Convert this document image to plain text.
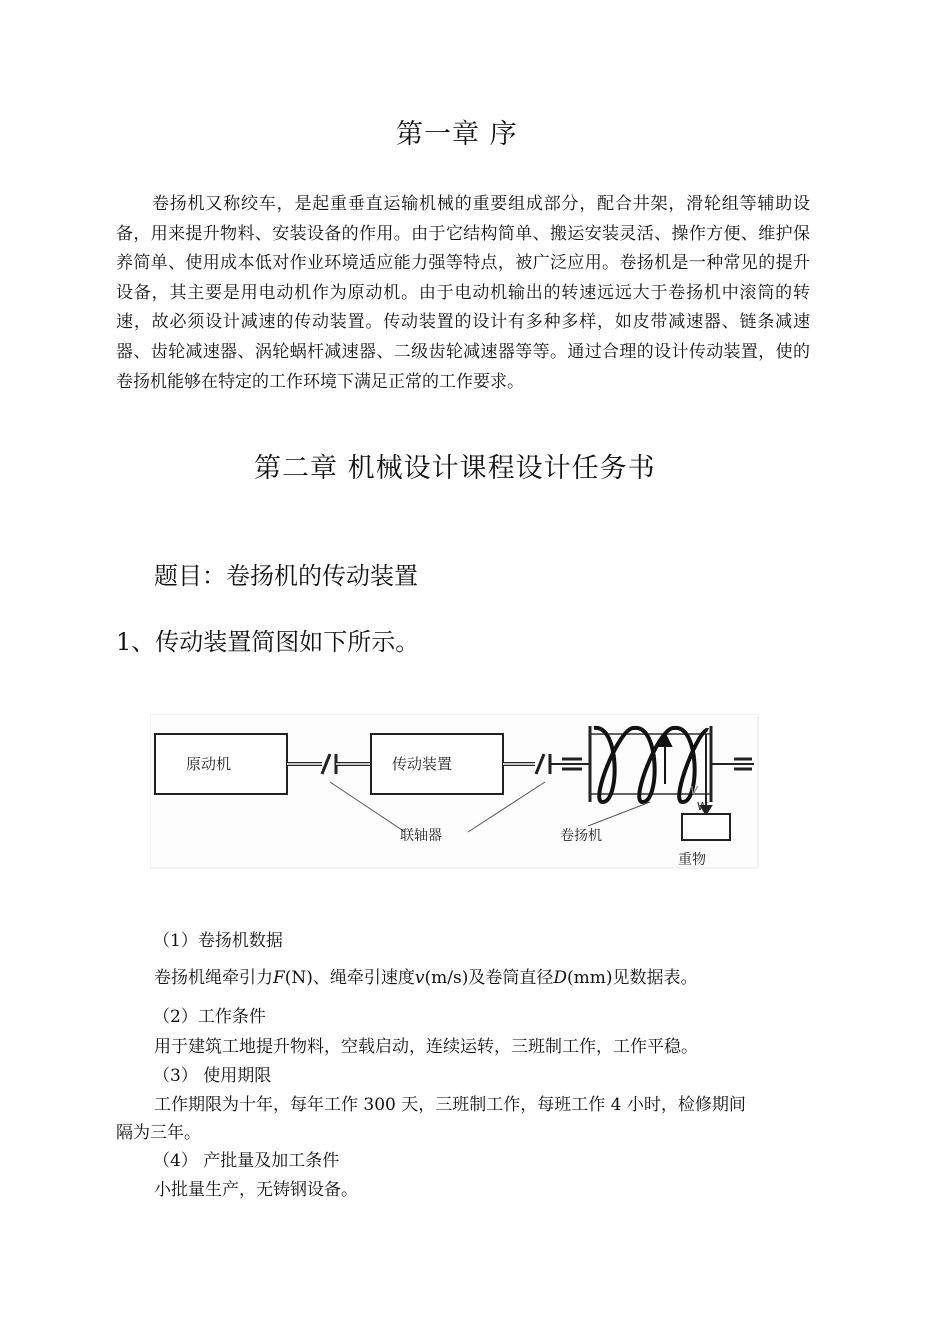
第一章 序
卷扬机又称绞车，是起重垂直运输机械的重要组成部分，配合井架，滑轮组等辅助设备，用来提升物料、安装设备的作用。由于它结构简单、搬运安装灵活、操作方便、维护保养简单、使用成本低对作业环境适应能力强等特点，被广泛应用。卷扬机是一种常见的提升设备，其主要是用电动机作为原动机。由于电动机输出的转速远远大于卷扬机中滚筒的转速，故必须设计减速的传动装置。传动装置的设计有多种多样，如皮带减速器、链条减速器、齿轮减速器、涡轮蜗杆减速器、二级齿轮减速器等等。通过合理的设计传动装置，使的卷扬机能够在特定的工作环境下满足正常的工作要求。
第二章 机械设计课程设计任务书
题目：卷扬机的传动装置
1、传动装置简图如下所示。
原动机	传动装置
v
W
重物
联轴器	卷扬机
（1）卷扬机数据
卷扬机绳牵引力𝐹(N)、绳牵引速度𝑣(m/s)及卷筒直径𝐷(mm)见数据表。
（2）工作条件
用于建筑工地提升物料，空载启动，连续运转，三班制工作，工作平稳。
（3） 使用期限
工作期限为十年，每年工作 300 天，三班制工作，每班工作 4 小时，检修期间
隔为三年。
（4） 产批量及加工条件
小批量生产，无铸钢设备。
